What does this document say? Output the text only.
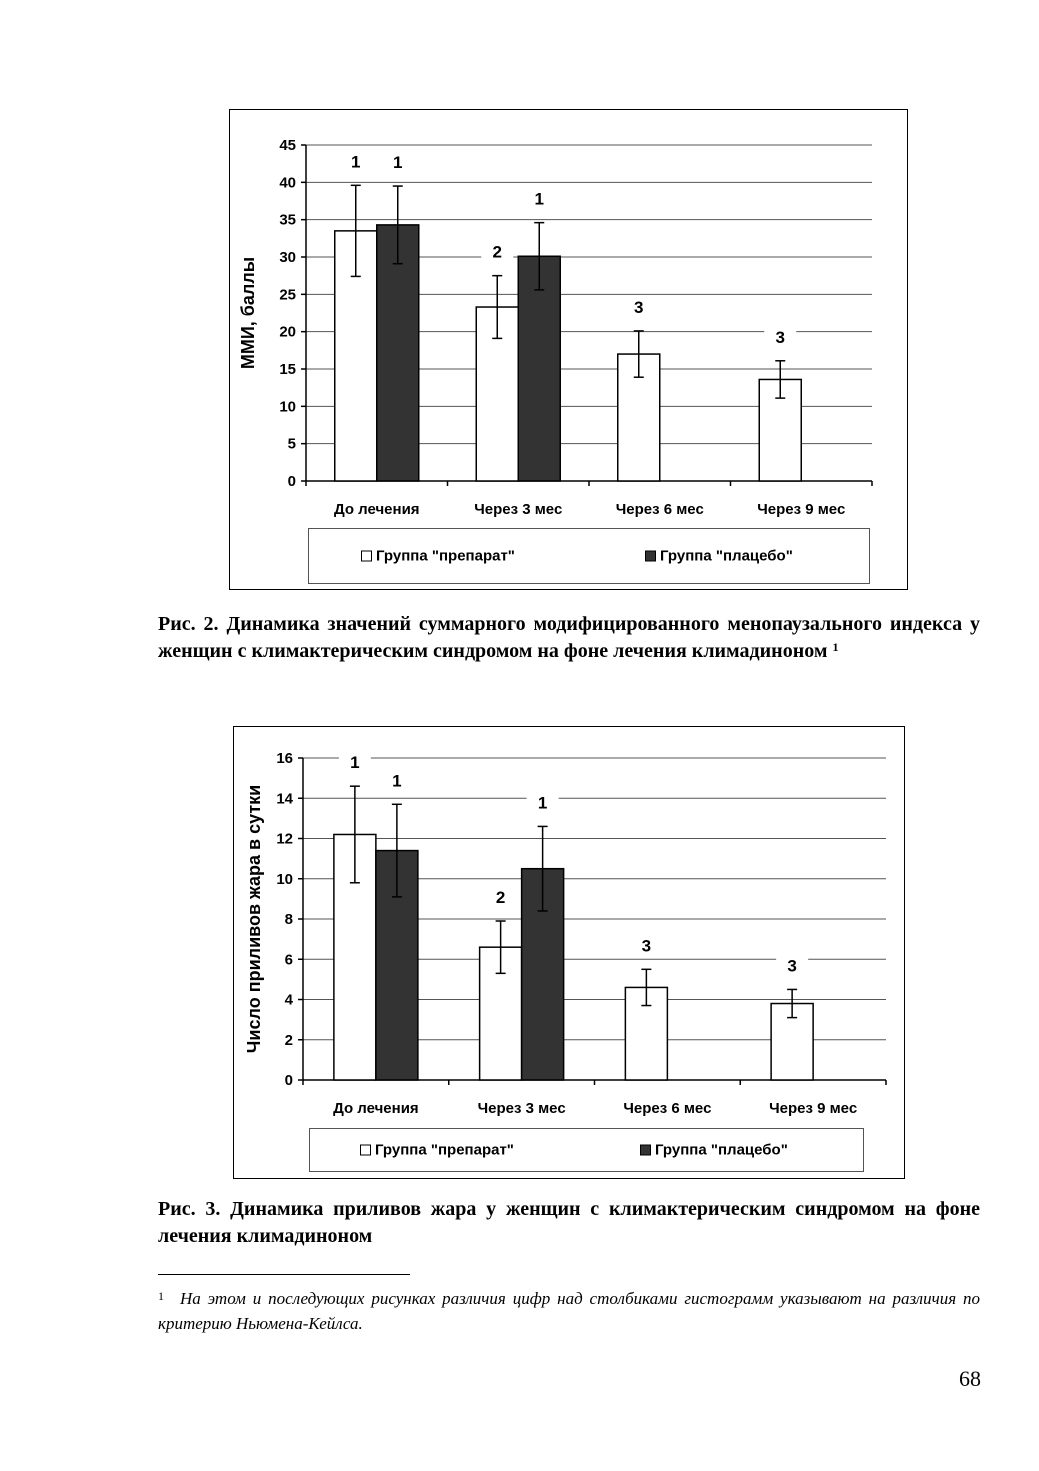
0
5
10
15
20
25
30
35
40
45
До лечения	Через 3 мес	Через 6 мес	Через 9 мес
ММИ, баллы
1
2
3
3
1
1
Группа "препарат"	Группа "плацебо"
Рис. 2. Динамика значений суммарного модифицированного менопаузального индекса у женщин с климактерическим синдромом на фоне лечения климадиноном $^1$
0
2
4
6
8
10
12
14
16
До лечения	Через 3 мес	Через 6 мес	Через 9 мес
Число приливов жара в сутки
1
2
3
3
1
1
Группа "препарат"	Группа "плацебо"
Рис. 3. Динамика приливов жара у женщин с климактерическим синдромом на фоне лечения климадиноном
$^1$ На этом и последующих рисунках различия цифр над столбиками гистограмм указывают на различия по критерию Ньюмена-Кейлса.
68
